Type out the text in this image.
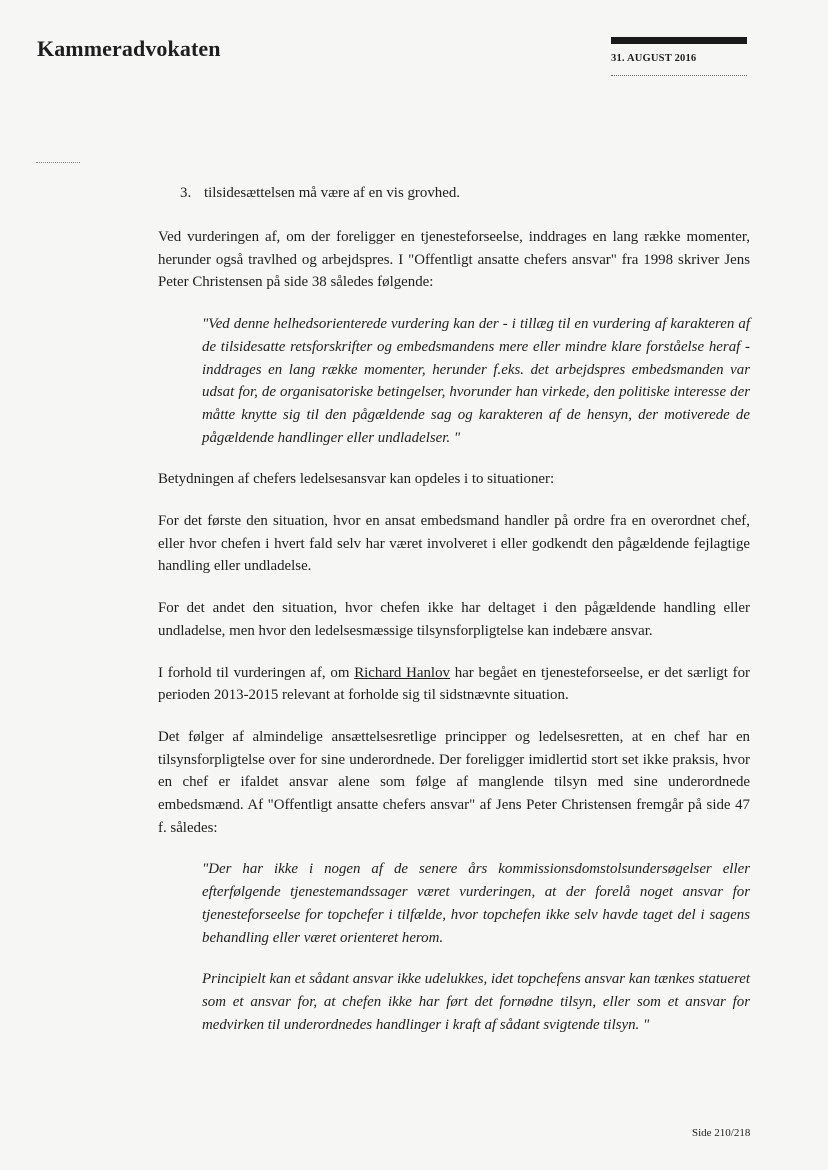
Kammeradvokaten	31. AUGUST 2016
3. tilsidesættelsen må være af en vis grovhed.

Ved vurderingen af, om der foreligger en tjenesteforseelse, inddrages en lang række momenter, herunder også travlhed og arbejdspres. I "Offentligt ansatte chefers ansvar" fra 1998 skriver Jens Peter Christensen på side 38 således følgende:

"Ved denne helhedsorienterede vurdering kan der - i tillæg til en vurdering af karakteren af de tilsidesatte retsforskrifter og embedsmandens mere eller mindre klare forståelse heraf - inddrages en lang række momenter, herunder f.eks. det arbejdspres embedsmanden var udsat for, de organisatoriske betingelser, hvorunder han virkede, den politiske interesse der måtte knytte sig til den pågældende sag og karakteren af de hensyn, der motiverede de pågældende handlinger eller undladelser. "

Betydningen af chefers ledelsesansvar kan opdeles i to situationer:

For det første den situation, hvor en ansat embedsmand handler på ordre fra en overordnet chef, eller hvor chefen i hvert fald selv har været involveret i eller godkendt den pågældende fejlagtige handling eller undladelse.

For det andet den situation, hvor chefen ikke har deltaget i den pågældende handling eller undladelse, men hvor den ledelsesmæssige tilsynsforpligtelse kan indebære ansvar.

I forhold til vurderingen af, om Richard Hanlov har begået en tjenesteforseelse, er det særligt for perioden 2013-2015 relevant at forholde sig til sidstnævnte situation.

Det følger af almindelige ansættelsesretlige principper og ledelsesretten, at en chef har en tilsynsforpligtelse over for sine underordnede. Der foreligger imidlertid stort set ikke praksis, hvor en chef er ifaldet ansvar alene som følge af manglende tilsyn med sine underordnede embedsmænd. Af "Offentligt ansatte chefers ansvar" af Jens Peter Christensen fremgår på side 47 f. således:

"Der har ikke i nogen af de senere års kommissionsdomstolsundersøgelser eller efterfølgende tjenestemandssager været vurderingen, at der forelå noget ansvar for tjenesteforseelse for topchefer i tilfælde, hvor topchefen ikke selv havde taget del i sagens behandling eller været orienteret herom.

Principielt kan et sådant ansvar ikke udelukkes, idet topchefens ansvar kan tænkes statueret som et ansvar for, at chefen ikke har ført det fornødne tilsyn, eller som et ansvar for medvirken til underordnedes handlinger i kraft af sådant svigtende tilsyn. "

Side 210/218
